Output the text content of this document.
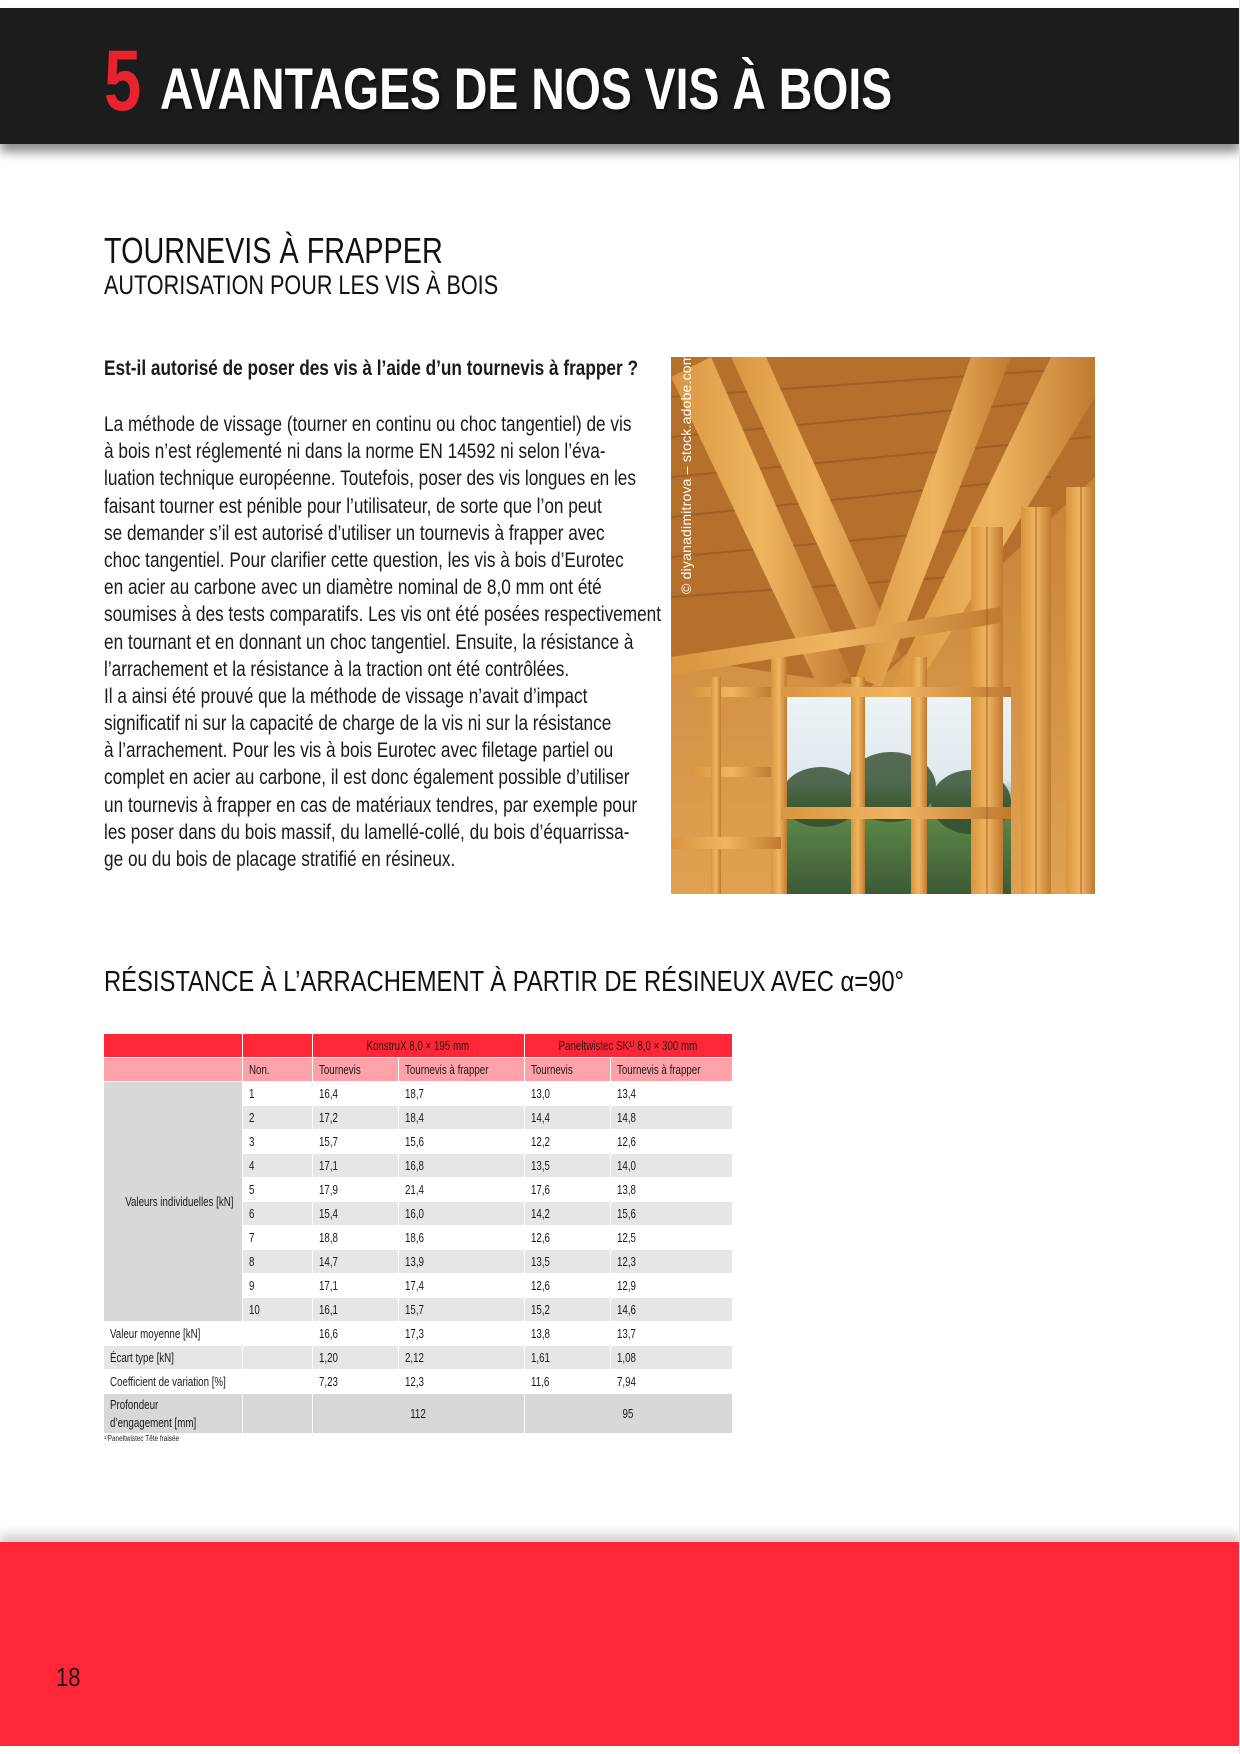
5 AVANTAGES DE NOS VIS À BOIS
TOURNEVIS À FRAPPER
AUTORISATION POUR LES VIS À BOIS
Est-il autorisé de poser des vis à l’aide d’un tournevis à frapper ?
La méthode de vissage (tourner en continu ou choc tangentiel) de vis
à bois n’est réglementé ni dans la norme EN 14592 ni selon l’éva-
luation technique européenne. Toutefois, poser des vis longues en les
faisant tourner est pénible pour l’utilisateur, de sorte que l’on peut
se demander s’il est autorisé d’utiliser un tournevis à frapper avec
choc tangentiel. Pour clarifier cette question, les vis à bois d’Eurotec
en acier au carbone avec un diamètre nominal de 8,0 mm ont été
soumises à des tests comparatifs. Les vis ont été posées respectivement
en tournant et en donnant un choc tangentiel. Ensuite, la résistance à
l’arrachement et la résistance à la traction ont été contrôlées.
Il a ainsi été prouvé que la méthode de vissage n’avait d’impact
significatif ni sur la capacité de charge de la vis ni sur la résistance
à l’arrachement. Pour les vis à bois Eurotec avec filetage partiel ou
complet en acier au carbone, il est donc également possible d’utiliser
un tournevis à frapper en cas de matériaux tendres, par exemple pour
les poser dans du bois massif, du lamellé-collé, du bois d’équarrissa-
ge ou du bois de placage stratifié en résineux.
© diyanadimitrova – stock.adobe.com
RÉSISTANCE À L’ARRACHEMENT À PARTIR DE RÉSINEUX AVEC α=90°
		KonstruX 8,0 × 195 mm		Paneltwistec SK¹⁾ 8,0 × 300 mm	
	Non.	Tournevis	Tournevis à frapper	Tournevis	Tournevis à frapper
Valeurs individuelles [kN]	1	16,4	18,7	13,0	13,4
	2	17,2	18,4	14,4	14,8
	3	15,7	15,6	12,2	12,6
	4	17,1	16,8	13,5	14,0
	5	17,9	21,4	17,6	13,8
	6	15,4	16,0	14,2	15,6
	7	18,8	18,6	12,6	12,5
	8	14,7	13,9	13,5	12,3
	9	17,1	17,4	12,6	12,9
	10	16,1	15,7	15,2	14,6
Valeur moyenne [kN]		16,6	17,3	13,8	13,7
Écart type [kN]		1,20	2,12	1,61	1,08
Coefficient de variation [%]		7,23	12,3	11,6	7,94
Profondeur d’engagement [mm]		112		95	
¹⁾Paneltwistec Tête fraisée
18
